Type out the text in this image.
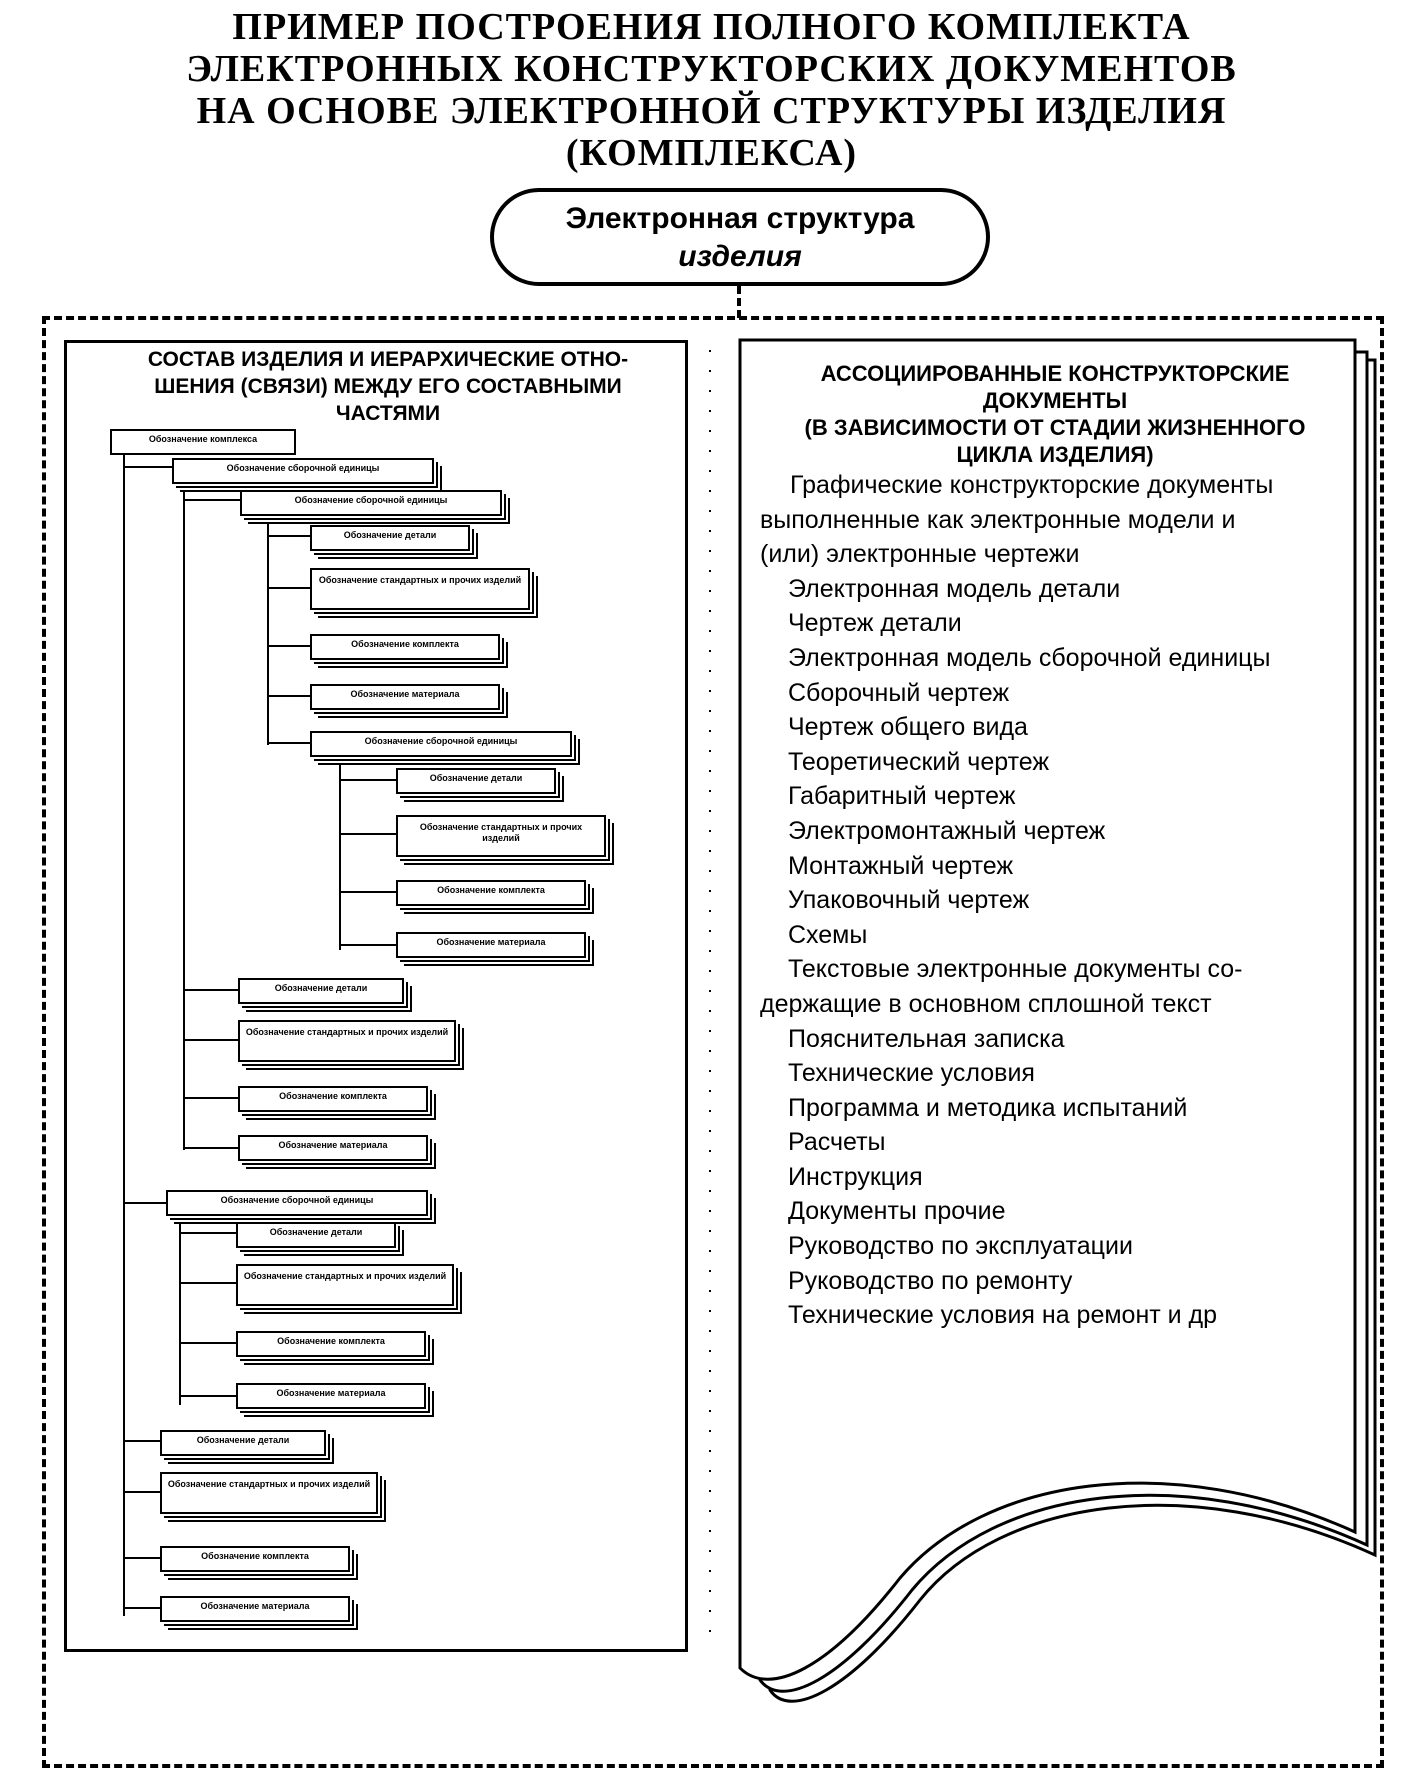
ПРИМЕР ПОСТРОЕНИЯ ПОЛНОГО КОМПЛЕКТА
ЭЛЕКТРОННЫХ КОНСТРУКТОРСКИХ ДОКУМЕНТОВ
НА ОСНОВЕ ЭЛЕКТРОННОЙ СТРУКТУРЫ ИЗДЕЛИЯ
(КОМПЛЕКСА)
Электронная структура
изделия
СОСТАВ ИЗДЕЛИЯ И ИЕРАРХИЧЕСКИЕ ОТНО-
ШЕНИЯ (СВЯЗИ) МЕЖДУ ЕГО СОСТАВНЫМИ
ЧАСТЯМИ
Обозначение комплекса
Обозначение сборочной единицы
Обозначение сборочной единицы
Обозначение детали
Обозначение стандартных и прочих изделий
Обозначение комплекта
Обозначение материала
Обозначение сборочной единицы
Обозначение детали
Обозначение стандартных и прочих изделий
Обозначение комплекта
Обозначение материала
Обозначение детали
Обозначение стандартных и прочих изделий
Обозначение комплекта
Обозначение материала
Обозначение сборочной единицы
Обозначение детали
Обозначение стандартных и прочих изделий
Обозначение комплекта
Обозначение материала
Обозначение детали
Обозначение стандартных и прочих изделий
Обозначение комплекта
Обозначение материала
АССОЦИИРОВАННЫЕ КОНСТРУКТОРСКИЕ
ДОКУМЕНТЫ
(В ЗАВИСИМОСТИ ОТ СТАДИИ ЖИЗНЕННОГО
ЦИКЛА ИЗДЕЛИЯ)
Графические конструкторские документы
выполненные как электронные модели и
(или) электронные чертежи
Электронная модель детали
Чертеж детали
Электронная модель сборочной единицы
Сборочный чертеж
Чертеж общего вида
Теоретический чертеж
Габаритный чертеж
Электромонтажный чертеж
Монтажный чертеж
Упаковочный чертеж
Схемы
Текстовые электронные документы со-
держащие в основном сплошной текст
Пояснительная записка
Технические условия
Программа и методика испытаний
Расчеты
Инструкция
Документы прочие
Руководство по эксплуатации
Руководство по ремонту
Технические условия на ремонт и др
